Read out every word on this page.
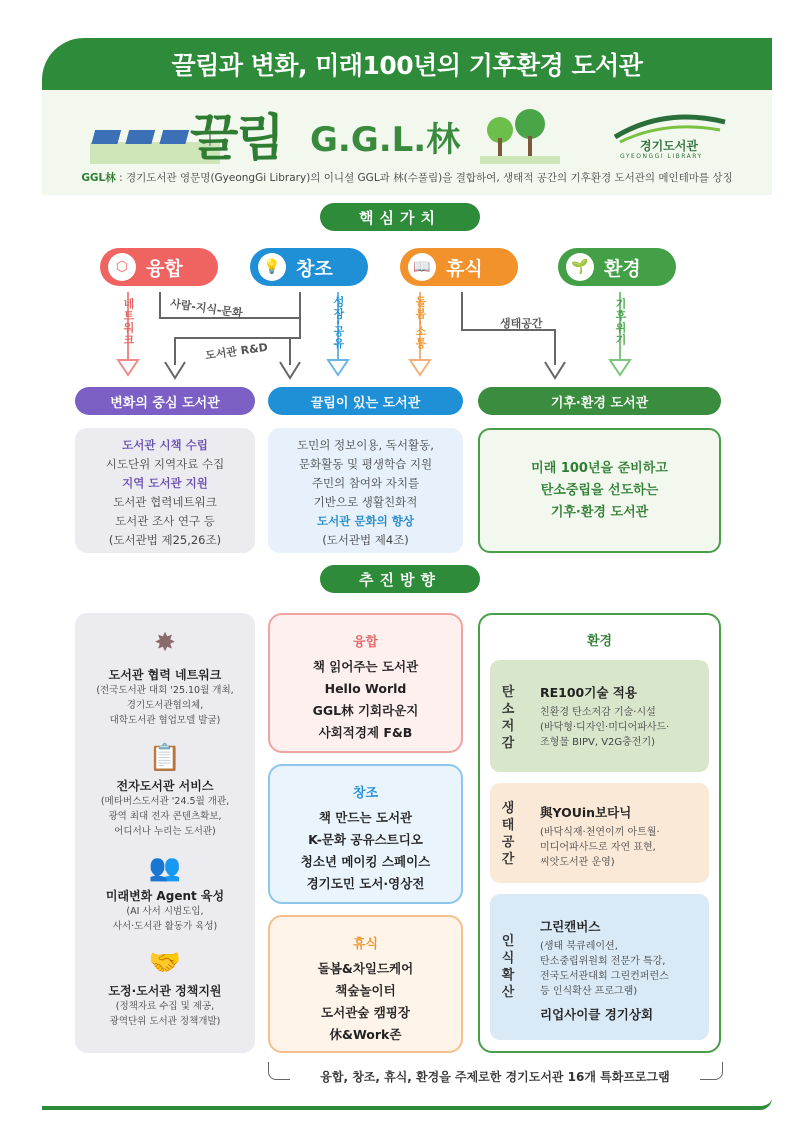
끌림과 변화, 미래100년의 기후환경 도서관
끌림 G.G.L.林	경기도서관
GYEONGGI LIBRARY
GGL林 : 경기도서관 영문명(GyeongGi Library)의 이니셜 GGL과 林(수풀림)을 결합하여, 생태적 공간의 기후환경 도서관의 메인테마를 상징
핵심가치
⬡ 융합	💡 창조	📖 휴식	🌱 환경
네트워크	사람-지식-문화
도서관 R&D
성장-공유	돌봄-소통	생태공간	기후위기
변화의 중심 도서관	끌림이 있는 도서관	기후·환경 도서관
도서관 시책 수립
시도단위 지역자료 수집
지역 도서관 지원
도서관 협력네트워크
도서관 조사 연구 등
(도서관법 제25,26조)
도민의 정보이용, 독서활동,
문화활동 및 평생학습 지원
주민의 참여와 자치를
기반으로 생활친화적
도서관 문화의 향상
(도서관법 제4조)
미래 100년을 준비하고
탄소중립을 선도하는
기후·환경 도서관
추진방향
✸
도서관 협력 네트워크
(전국도서관 대회 '25.10월 개최,
경기도서관협의체,
대학도서관 협업모델 발굴)
📋
전자도서관 서비스
(메타버스도서관 '24.5월 개관,
광역 최대 전자 콘텐츠확보,
어디서나 누리는 도서관)
👥
미래변화 Agent 육성
(AI 사서 시범도입,
사서·도서관 활동가 육성)
🤝
도정·도서관 정책지원
(정책자료 수집 및 제공,
광역단위 도서관 정책개발)
융합
책 읽어주는 도서관
Hello World
GGL林 기회라운지
사회적경제 F&B
창조
책 만드는 도서관
K-문화 공유스트디오
청소년 메이킹 스페이스
경기도민 도서·영상전
휴식
돌봄&차일드케어
책숲놀이터
도서관숲 캠핑장
休&Work존
환경
탄소저감
RE100기술 적용
친환경 탄소저감 기술·시설
(바닥형·디자인·미디어파사드·
조형물 BIPV, V2G충전기)
생태공간
與YOUin보타닉
(바닥식재·천연이끼 아트월·
미디어파사드로 자연 표현,
씨앗도서관 운영)
인식확산
그린캔버스
(생태 북큐레이션,
탄소중립위원회 전문가 특강,
전국도서관대회 그린컨퍼런스
등 인식확산 프로그램)
리업사이클 경기상회
융합, 창조, 휴식, 환경을 주제로한 경기도서관 16개 특화프로그램
